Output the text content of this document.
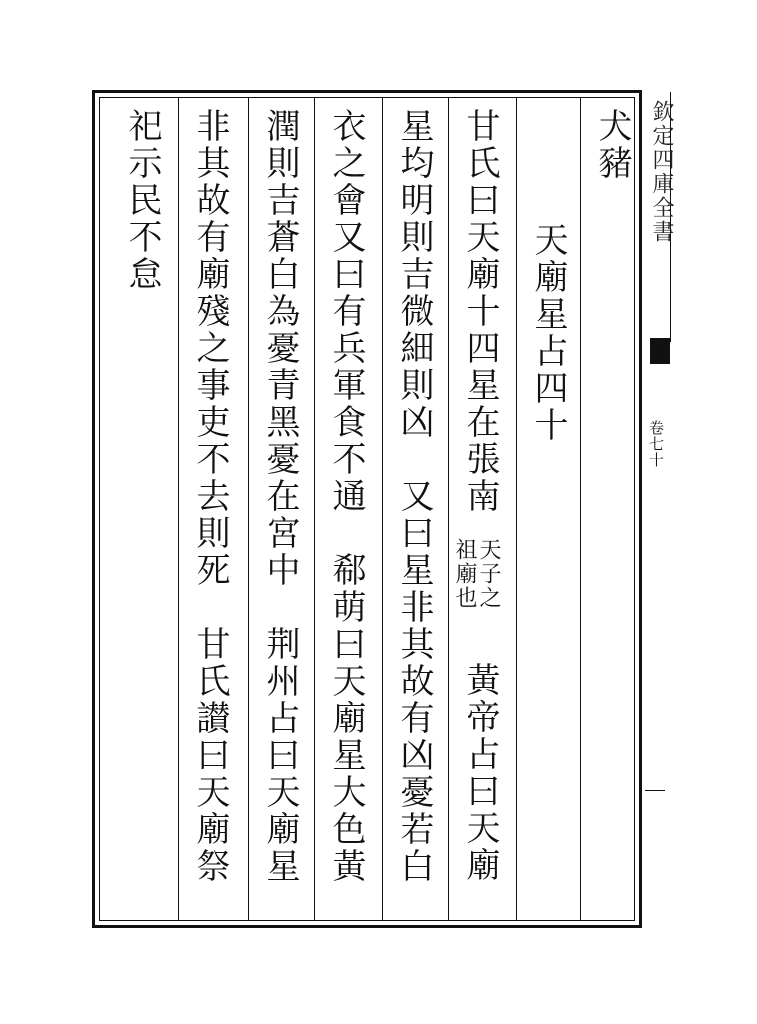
犬豬
天廟星占四十
甘氏曰天廟十四星在張南
天子之
祖廟也
黃帝占曰天廟
星均明則吉微細則凶　又曰星非其故有凶憂若白
衣之會又曰有兵軍食不通　郗萌曰天廟星大色黃
潤則吉蒼白為憂青黑憂在宮中　荆州占曰天廟星
非其故有廟殘之事吏不去則死　甘氏讃曰天廟祭
祀示民不怠	欽定四庫全書
卷七十
